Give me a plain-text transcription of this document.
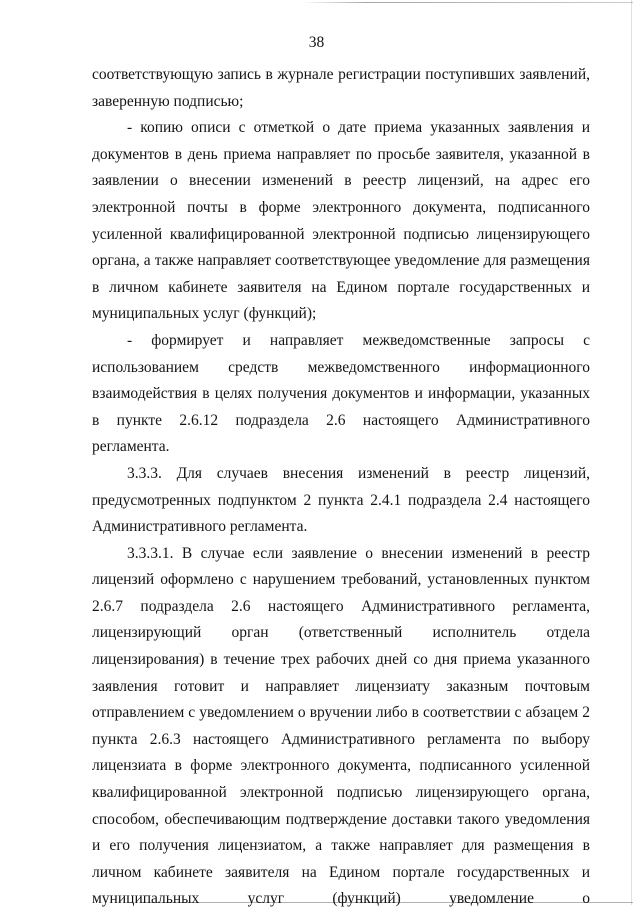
38

соответствующую запись в журнале регистрации поступивших заявлений, заверенную подписью;

- копию описи с отметкой о дате приема указанных заявления и документов в день приема направляет по просьбе заявителя, указанной в заявлении о внесении изменений в реестр лицензий, на адрес его электронной почты в форме электронного документа, подписанного усиленной квалифицированной электронной подписью лицензирующего органа, а также направляет соответствующее уведомление для размещения в личном кабинете заявителя на Едином портале государственных и муниципальных услуг (функций);

- формирует и направляет межведомственные запросы с использованием средств межведомственного информационного взаимодействия в целях получения документов и информации, указанных в пункте 2.6.12 подраздела 2.6 настоящего Административного регламента.

3.3.3. Для случаев внесения изменений в реестр лицензий, предусмотренных подпунктом 2 пункта 2.4.1 подраздела 2.4 настоящего Административного регламента.

3.3.3.1. В случае если заявление о внесении изменений в реестр лицензий оформлено с нарушением требований, установленных пунктом 2.6.7 подраздела 2.6 настоящего Административного регламента, лицензирующий орган (ответственный исполнитель отдела лицензирования) в течение трех рабочих дней со дня приема указанного заявления готовит и направляет лицензиату заказным почтовым отправлением с уведомлением о вручении либо в соответствии с абзацем 2 пункта 2.6.3 настоящего Административного регламента по выбору лицензиата в форме электронного документа, подписанного усиленной квалифицированной электронной подписью лицензирующего органа, способом, обеспечивающим подтверждение доставки такого уведомления и его получения лицензиатом, а также направляет для размещения в личном кабинете заявителя на Едином портале государственных и муниципальных услуг (функций) уведомление о
